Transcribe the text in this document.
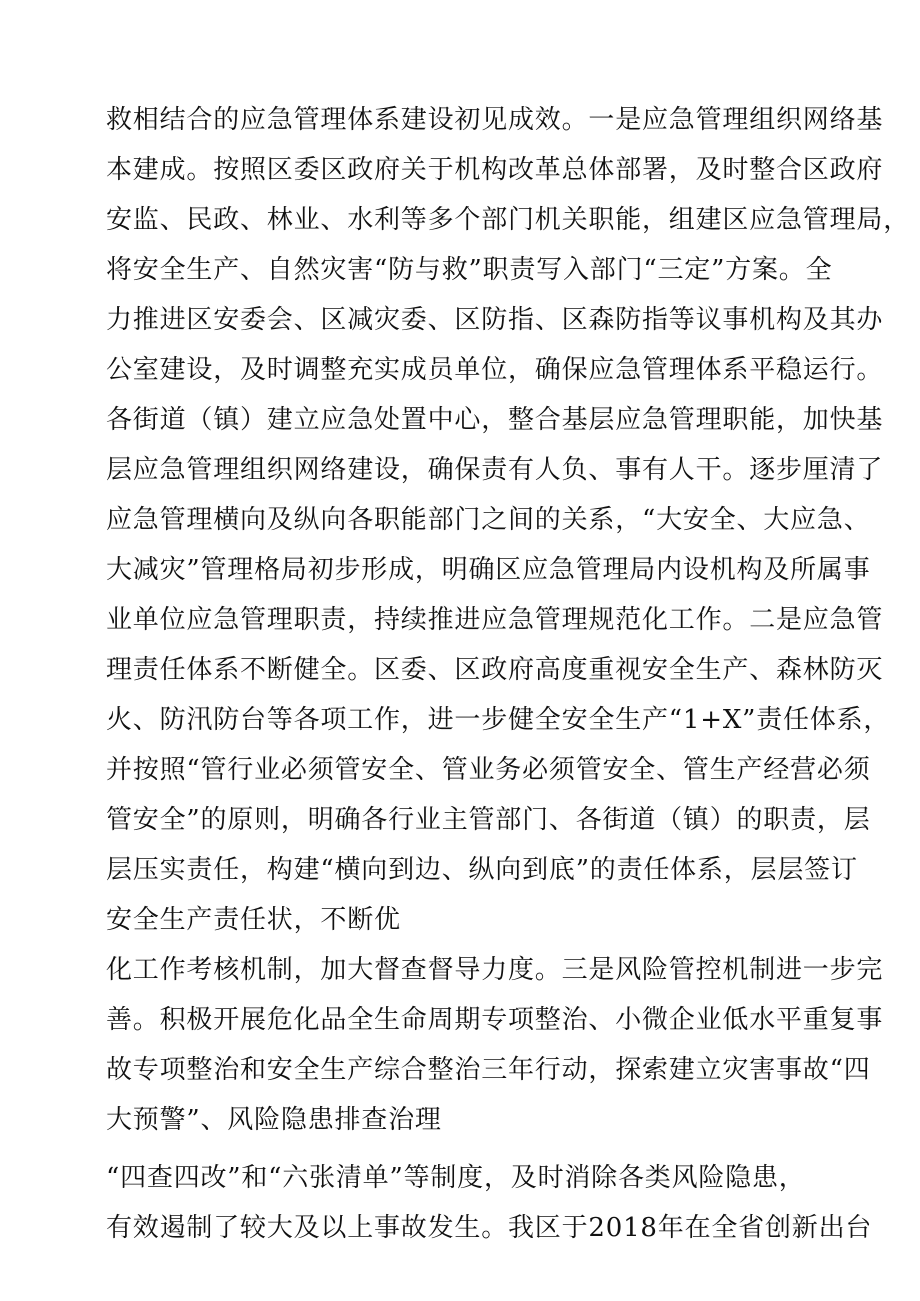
救相结合的应急管理体系建设初见成效。一是应急管理组织网络基
本建成。按照区委区政府关于机构改革总体部署，及时整合区政府
安监、民政、林业、水利等多个部门机关职能，组建区应急管理局，
将安全生产、自然灾害“防与救”职责写入部门“三定”方案。全
力推进区安委会、区减灾委、区防指、区森防指等议事机构及其办
公室建设，及时调整充实成员单位，确保应急管理体系平稳运行。
各街道（镇）建立应急处置中心，整合基层应急管理职能，加快基
层应急管理组织网络建设，确保责有人负、事有人干。逐步厘清了
应急管理横向及纵向各职能部门之间的关系，“大安全、大应急、
大减灾”管理格局初步形成，明确区应急管理局内设机构及所属事
业单位应急管理职责，持续推进应急管理规范化工作。二是应急管
理责任体系不断健全。区委、区政府高度重视安全生产、森林防灭
火、防汛防台等各项工作，进一步健全安全生产“1+X”责任体系，
并按照“管行业必须管安全、管业务必须管安全、管生产经营必须
管安全”的原则，明确各行业主管部门、各街道（镇）的职责，层
层压实责任，构建“横向到边、纵向到底”的责任体系，层层签订
安全生产责任状，不断优
化工作考核机制，加大督查督导力度。三是风险管控机制进一步完
善。积极开展危化品全生命周期专项整治、小微企业低水平重复事
故专项整治和安全生产综合整治三年行动，探索建立灾害事故“四
大预警”、风险隐患排查治理
“四查四改”和“六张清单”等制度，及时消除各类风险隐患，
有效遏制了较大及以上事故发生。我区于2018年在全省创新出台
